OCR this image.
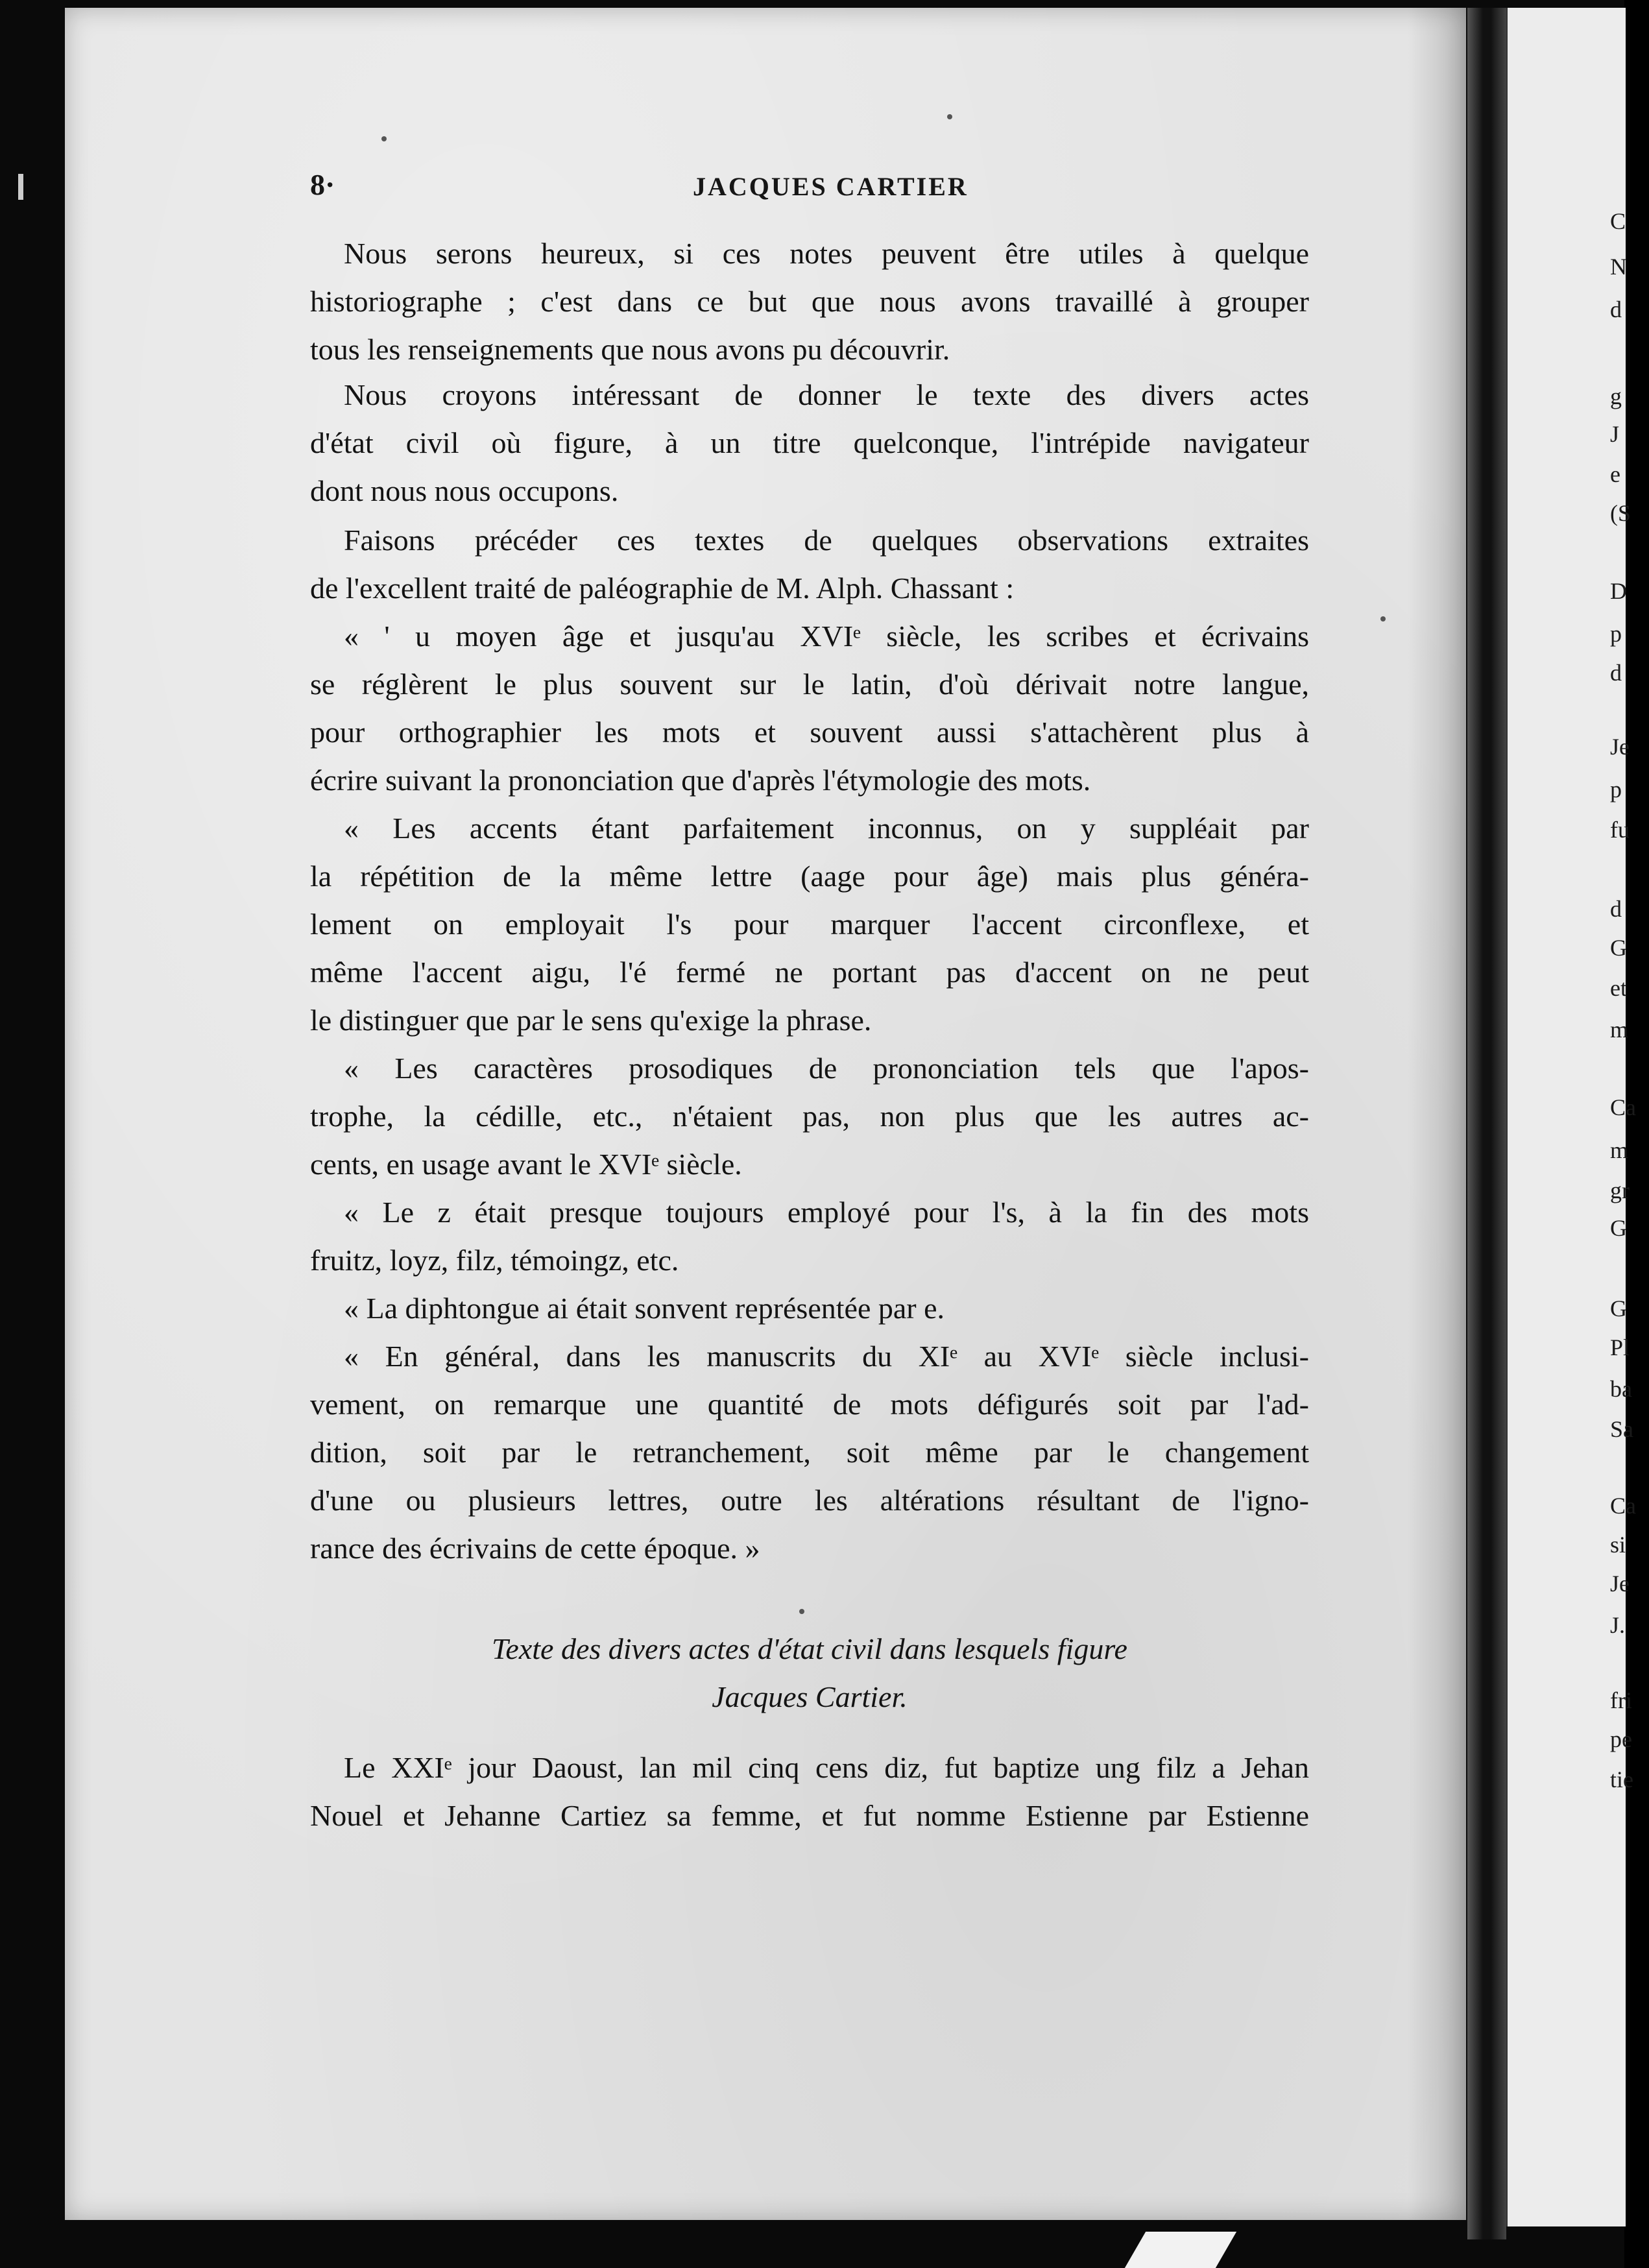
8·	JACQUES CARTIER
Nous serons heureux, si ces notes peuvent être utiles à quelque
historiographe ; c'est dans ce but que nous avons travaillé à grouper
tous les renseignements que nous avons pu découvrir.
Nous croyons intéressant de donner le texte des divers actes
d'état civil où figure, à un titre quelconque, l'intrépide navigateur
dont nous nous occupons.
Faisons précéder ces textes de quelques observations extraites
de l'excellent traité de paléographie de M. Alph. Chassant :
« ' u moyen âge et jusqu'au XVIᵉ siècle, les scribes et écrivains
se réglèrent le plus souvent sur le latin, d'où dérivait notre langue,
pour orthographier les mots et souvent aussi s'attachèrent plus à
écrire suivant la prononciation que d'après l'étymologie des mots.
« Les accents étant parfaitement inconnus, on y suppléait par
la répétition de la même lettre (aage pour âge) mais plus généra-
lement on employait l's pour marquer l'accent circonflexe, et
même l'accent aigu, l'é fermé ne portant pas d'accent on ne peut
le distinguer que par le sens qu'exige la phrase.
« Les caractères prosodiques de prononciation tels que l'apos-
trophe, la cédille, etc., n'étaient pas, non plus que les autres ac-
cents, en usage avant le XVIᵉ siècle.
« Le z était presque toujours employé pour l's, à la fin des mots
fruitz, loyz, filz, témoingz, etc.
« La diphtongue ai était sonvent représentée par e.
« En général, dans les manuscrits du XIᵉ au XVIᵉ siècle inclusi-
vement, on remarque une quantité de mots défigurés soit par l'ad-
dition, soit par le retranchement, soit même par le changement
d'une ou plusieurs lettres, outre les altérations résultant de l'igno-
rance des écrivains de cette époque. »
Texte des divers actes d'état civil dans lesquels figure
Jacques Cartier.
Le XXIᵉ jour Daoust, lan mil cinq cens diz, fut baptize ung filz a Jehan
Nouel et Jehanne Cartiez sa femme, et fut nomme Estienne par Estienne
C
N
d
g
J
e
(S
D
p
d
Je
p
fu
d
G
et
m
Ca
m
gr
G
G
Pl
ba
Sa
Ca
si
Je
J.
fri
pe
tie
